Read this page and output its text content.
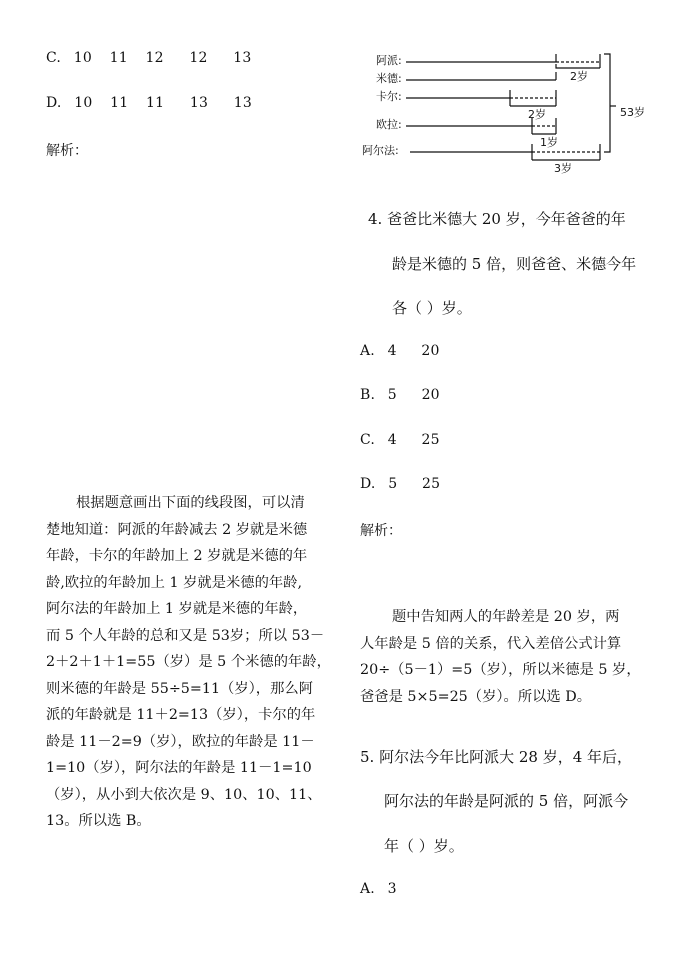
C. 10 11 12 12 13
D. 10 11 11 13 13
解析：
根据题意画出下面的线段图，可以清
楚地知道：阿派的年龄减去 2 岁就是米德
年龄，卡尔的年龄加上 2 岁就是米德的年
龄,欧拉的年龄加上 1 岁就是米德的年龄,
阿尔法的年龄加上 1 岁就是米德的年龄，
而 5 个人年龄的总和又是 53岁；所以 53－
2＋2＋1＋1=55（岁）是 5 个米德的年龄，
则米德的年龄是 55÷5=11（岁），那么阿
派的年龄就是 11＋2=13（岁），卡尔的年
龄是 11－2=9（岁），欧拉的年龄是 11－
1=10（岁），阿尔法的年龄是 11－1=10
（岁），从小到大依次是 9、10、10、11、
13。所以选 B。
阿派:
米德:
卡尔:
欧拉:
阿尔法:
2岁
2岁
1岁
3岁
53岁
4. 爸爸比米德大 20 岁，今年爸爸的年
龄是米德的 5 倍，则爸爸、米德今年
各（ ）岁。
A. 4 20
B. 5 20
C. 4 25
D. 5 25
解析：
题中告知两人的年龄差是 20 岁，两
人年龄是 5 倍的关系，代入差倍公式计算
20÷（5－1）=5（岁），所以米德是 5 岁，
爸爸是 5×5=25（岁）。所以选 D。
5. 阿尔法今年比阿派大 28 岁，4 年后，
阿尔法的年龄是阿派的 5 倍，阿派今
年（ ）岁。
A. 3
